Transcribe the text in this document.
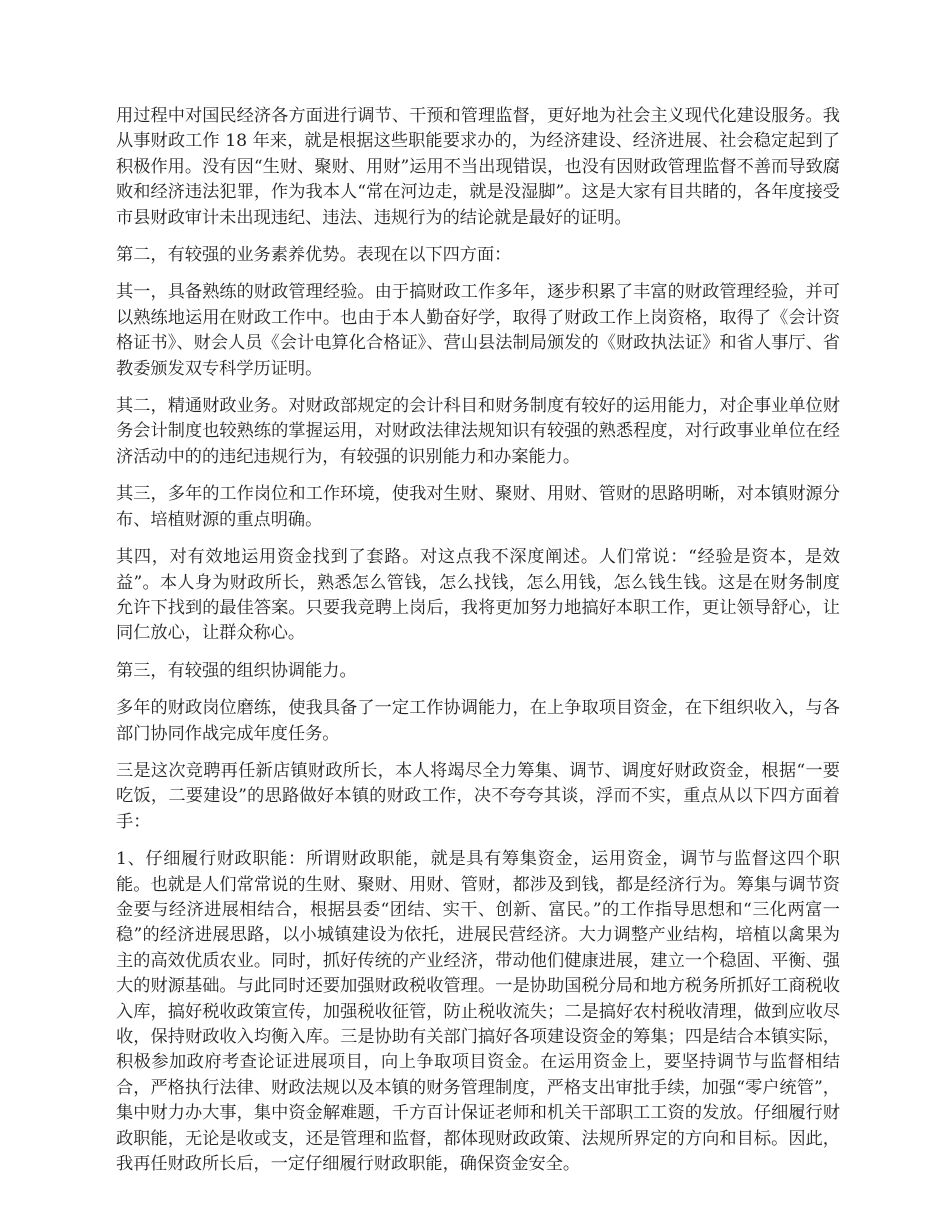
用过程中对国民经济各方面进行调节、干预和管理监督，更好地为社会主义现代化建设服务。我从事财政工作 18 年来，就是根据这些职能要求办的，为经济建设、经济进展、社会稳定起到了积极作用。没有因“生财、聚财、用财”运用不当出现错误，也没有因财政管理监督不善而导致腐败和经济违法犯罪，作为我本人“常在河边走，就是没湿脚”。这是大家有目共睹的，各年度接受市县财政审计未出现违纪、违法、违规行为的结论就是最好的证明。

第二，有较强的业务素养优势。表现在以下四方面：

其一，具备熟练的财政管理经验。由于搞财政工作多年，逐步积累了丰富的财政管理经验，并可以熟练地运用在财政工作中。也由于本人勤奋好学，取得了财政工作上岗资格，取得了《会计资格证书》、财会人员《会计电算化合格证》、营山县法制局颁发的《财政执法证》和省人事厅、省教委颁发双专科学历证明。

其二，精通财政业务。对财政部规定的会计科目和财务制度有较好的运用能力，对企事业单位财务会计制度也较熟练的掌握运用，对财政法律法规知识有较强的熟悉程度，对行政事业单位在经济活动中的的违纪违规行为，有较强的识别能力和办案能力。

其三，多年的工作岗位和工作环境，使我对生财、聚财、用财、管财的思路明晰，对本镇财源分布、培植财源的重点明确。

其四，对有效地运用资金找到了套路。对这点我不深度阐述。人们常说：“经验是资本，是效益”。本人身为财政所长，熟悉怎么管钱，怎么找钱，怎么用钱，怎么钱生钱。这是在财务制度允许下找到的最佳答案。只要我竞聘上岗后，我将更加努力地搞好本职工作，更让领导舒心，让同仁放心，让群众称心。

第三，有较强的组织协调能力。

多年的财政岗位磨练，使我具备了一定工作协调能力，在上争取项目资金，在下组织收入，与各部门协同作战完成年度任务。

三是这次竞聘再任新店镇财政所长，本人将竭尽全力筹集、调节、调度好财政资金，根据“一要吃饭，二要建设”的思路做好本镇的财政工作，决不夸夸其谈，浮而不实，重点从以下四方面着手：

1、仔细履行财政职能：所谓财政职能，就是具有筹集资金，运用资金，调节与监督这四个职能。也就是人们常常说的生财、聚财、用财、管财，都涉及到钱，都是经济行为。筹集与调节资金要与经济进展相结合，根据县委“团结、实干、创新、富民。”的工作指导思想和“三化两富一稳”的经济进展思路，以小城镇建设为依托，进展民营经济。大力调整产业结构，培植以禽果为主的高效优质农业。同时，抓好传统的产业经济，带动他们健康进展，建立一个稳固、平衡、强大的财源基础。与此同时还要加强财政税收管理。一是协助国税分局和地方税务所抓好工商税收入库，搞好税收政策宣传，加强税收征管，防止税收流失；二是搞好农村税收清理，做到应收尽收，保持财政收入均衡入库。三是协助有关部门搞好各项建设资金的筹集；四是结合本镇实际，积极参加政府考查论证进展项目，向上争取项目资金。在运用资金上，要坚持调节与监督相结合，严格执行法律、财政法规以及本镇的财务管理制度，严格支出审批手续，加强“零户统管”，集中财力办大事，集中资金解难题，千方百计保证老师和机关干部职工工资的发放。仔细履行财政职能，无论是收或支，还是管理和监督，都体现财政政策、法规所界定的方向和目标。因此，我再任财政所长后，一定仔细履行财政职能，确保资金安全。
